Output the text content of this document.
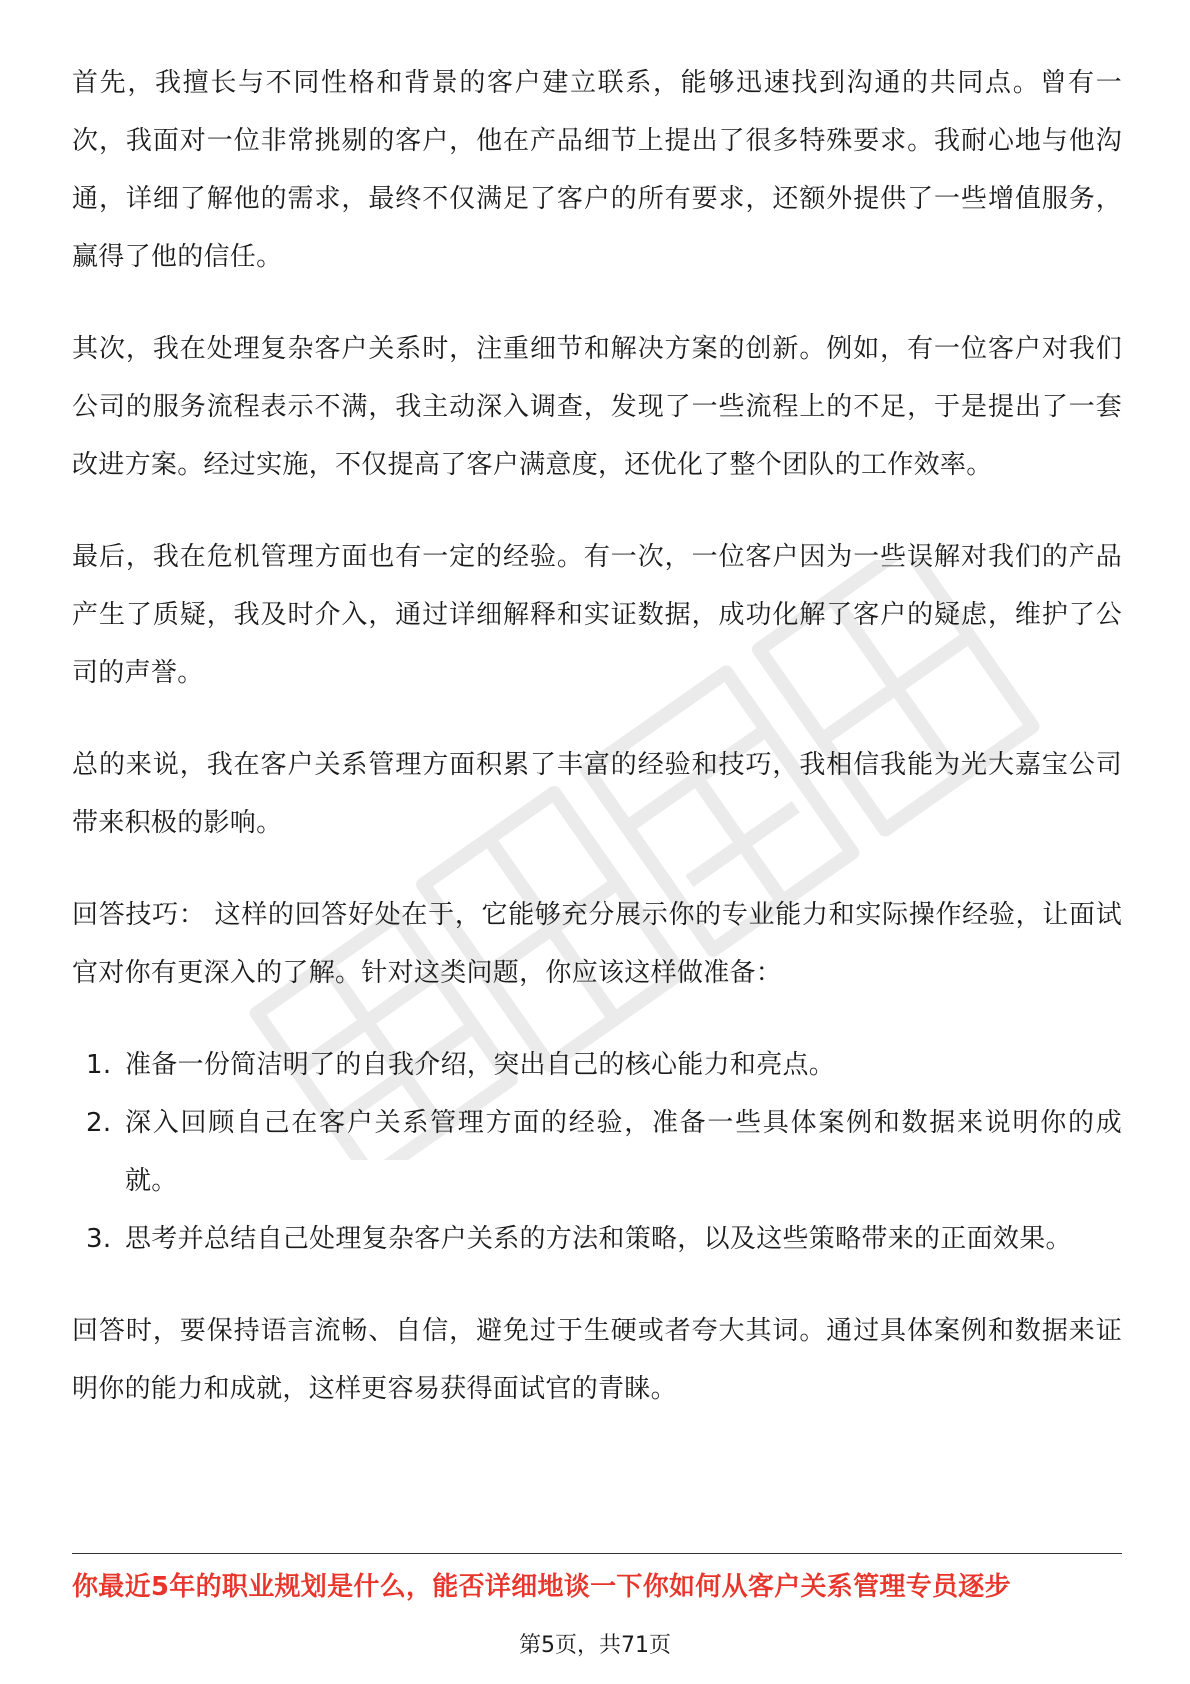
首先，我擅长与不同性格和背景的客户建立联系，能够迅速找到沟通的共同点。曾有一次，我面对一位非常挑剔的客户，他在产品细节上提出了很多特殊要求。我耐心地与他沟通，详细了解他的需求，最终不仅满足了客户的所有要求，还额外提供了一些增值服务，赢得了他的信任。

其次，我在处理复杂客户关系时，注重细节和解决方案的创新。例如，有一位客户对我们公司的服务流程表示不满，我主动深入调查，发现了一些流程上的不足，于是提出了一套改进方案。经过实施，不仅提高了客户满意度，还优化了整个团队的工作效率。

最后，我在危机管理方面也有一定的经验。有一次，一位客户因为一些误解对我们的产品产生了质疑，我及时介入，通过详细解释和实证数据，成功化解了客户的疑虑，维护了公司的声誉。

总的来说，我在客户关系管理方面积累了丰富的经验和技巧，我相信我能为光大嘉宝公司带来积极的影响。

回答技巧： 这样的回答好处在于，它能够充分展示你的专业能力和实际操作经验，让面试官对你有更深入的了解。针对这类问题，你应该这样做准备：

1. 准备一份简洁明了的自我介绍，突出自己的核心能力和亮点。
2. 深入回顾自己在客户关系管理方面的经验，准备一些具体案例和数据来说明你的成就。
3. 思考并总结自己处理复杂客户关系的方法和策略，以及这些策略带来的正面效果。

回答时，要保持语言流畅、自信，避免过于生硬或者夸大其词。通过具体案例和数据来证明你的能力和成就，这样更容易获得面试官的青睐。

你最近5年的职业规划是什么，能否详细地谈一下你如何从客户关系管理专员逐步
第5页，共71页
